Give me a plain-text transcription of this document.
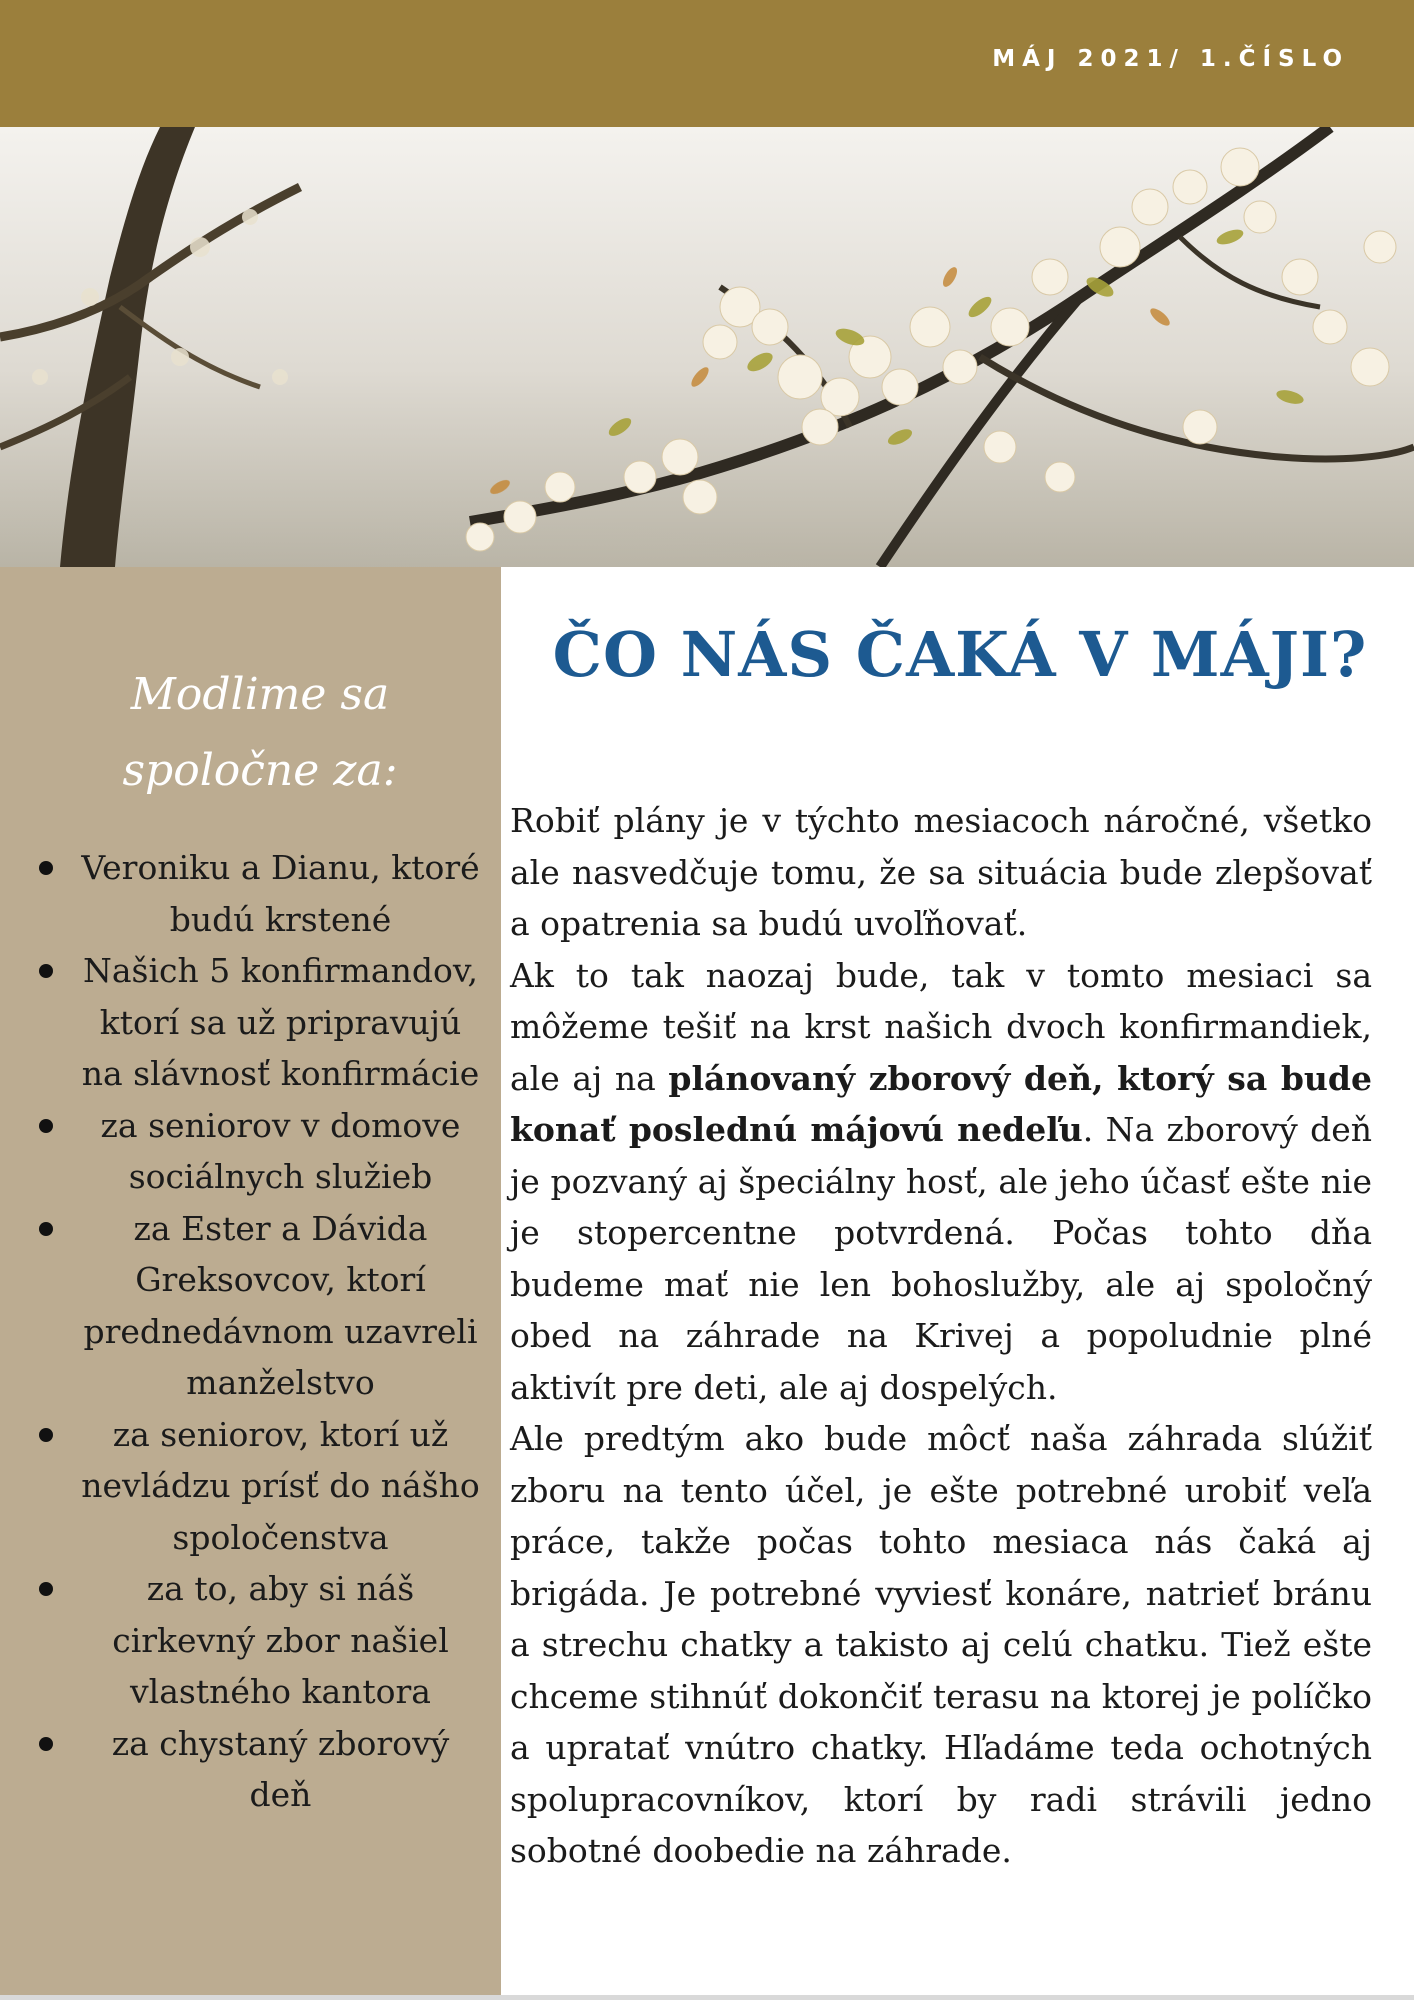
MÁJ 2021/ 1.ČÍSLO
Modlime sa spoločne za:
Veroniku a Dianu, ktoré budú krstené
Našich 5 konfirmandov, ktorí sa už pripravujú na slávnosť konfirmácie
za seniorov v domove sociálnych služieb
za Ester a Dávida Greksovcov, ktorí prednedávnom uzavreli manželstvo
za seniorov, ktorí už nevládzu prísť do nášho spoločenstva
za to, aby si náš cirkevný zbor našiel vlastného kantora
za chystaný zborový deň
ČO NÁS ČAKÁ V MÁJI?

Robiť plány je v týchto mesiacoch náročné, všetko ale nasvedčuje tomu, že sa situácia bude zlepšovať a opatrenia sa budú uvoľňovať.

Ak to tak naozaj bude, tak v tomto mesiaci sa môžeme tešiť na krst našich dvoch konfirmandiek, ale aj na plánovaný zborový deň, ktorý sa bude konať poslednú májovú nedeľu. Na zborový deň je pozvaný aj špeciálny hosť, ale jeho účasť ešte nie je stopercentne potvrdená. Počas tohto dňa budeme mať nie len bohoslužby, ale aj spoločný obed na záhrade na Krivej a popoludnie plné aktivít pre deti, ale aj dospelých.

Ale predtým ako bude môcť naša záhrada slúžiť zboru na tento účel, je ešte potrebné urobiť veľa práce, takže počas tohto mesiaca nás čaká aj brigáda. Je potrebné vyviesť konáre, natrieť bránu a strechu chatky a takisto aj celú chatku. Tiež ešte chceme stihnúť dokončiť terasu na ktorej je políčko a upratať vnútro chatky. Hľadáme teda ochotných spolupracovníkov, ktorí by radi strávili jedno sobotné doobedie na záhrade.
